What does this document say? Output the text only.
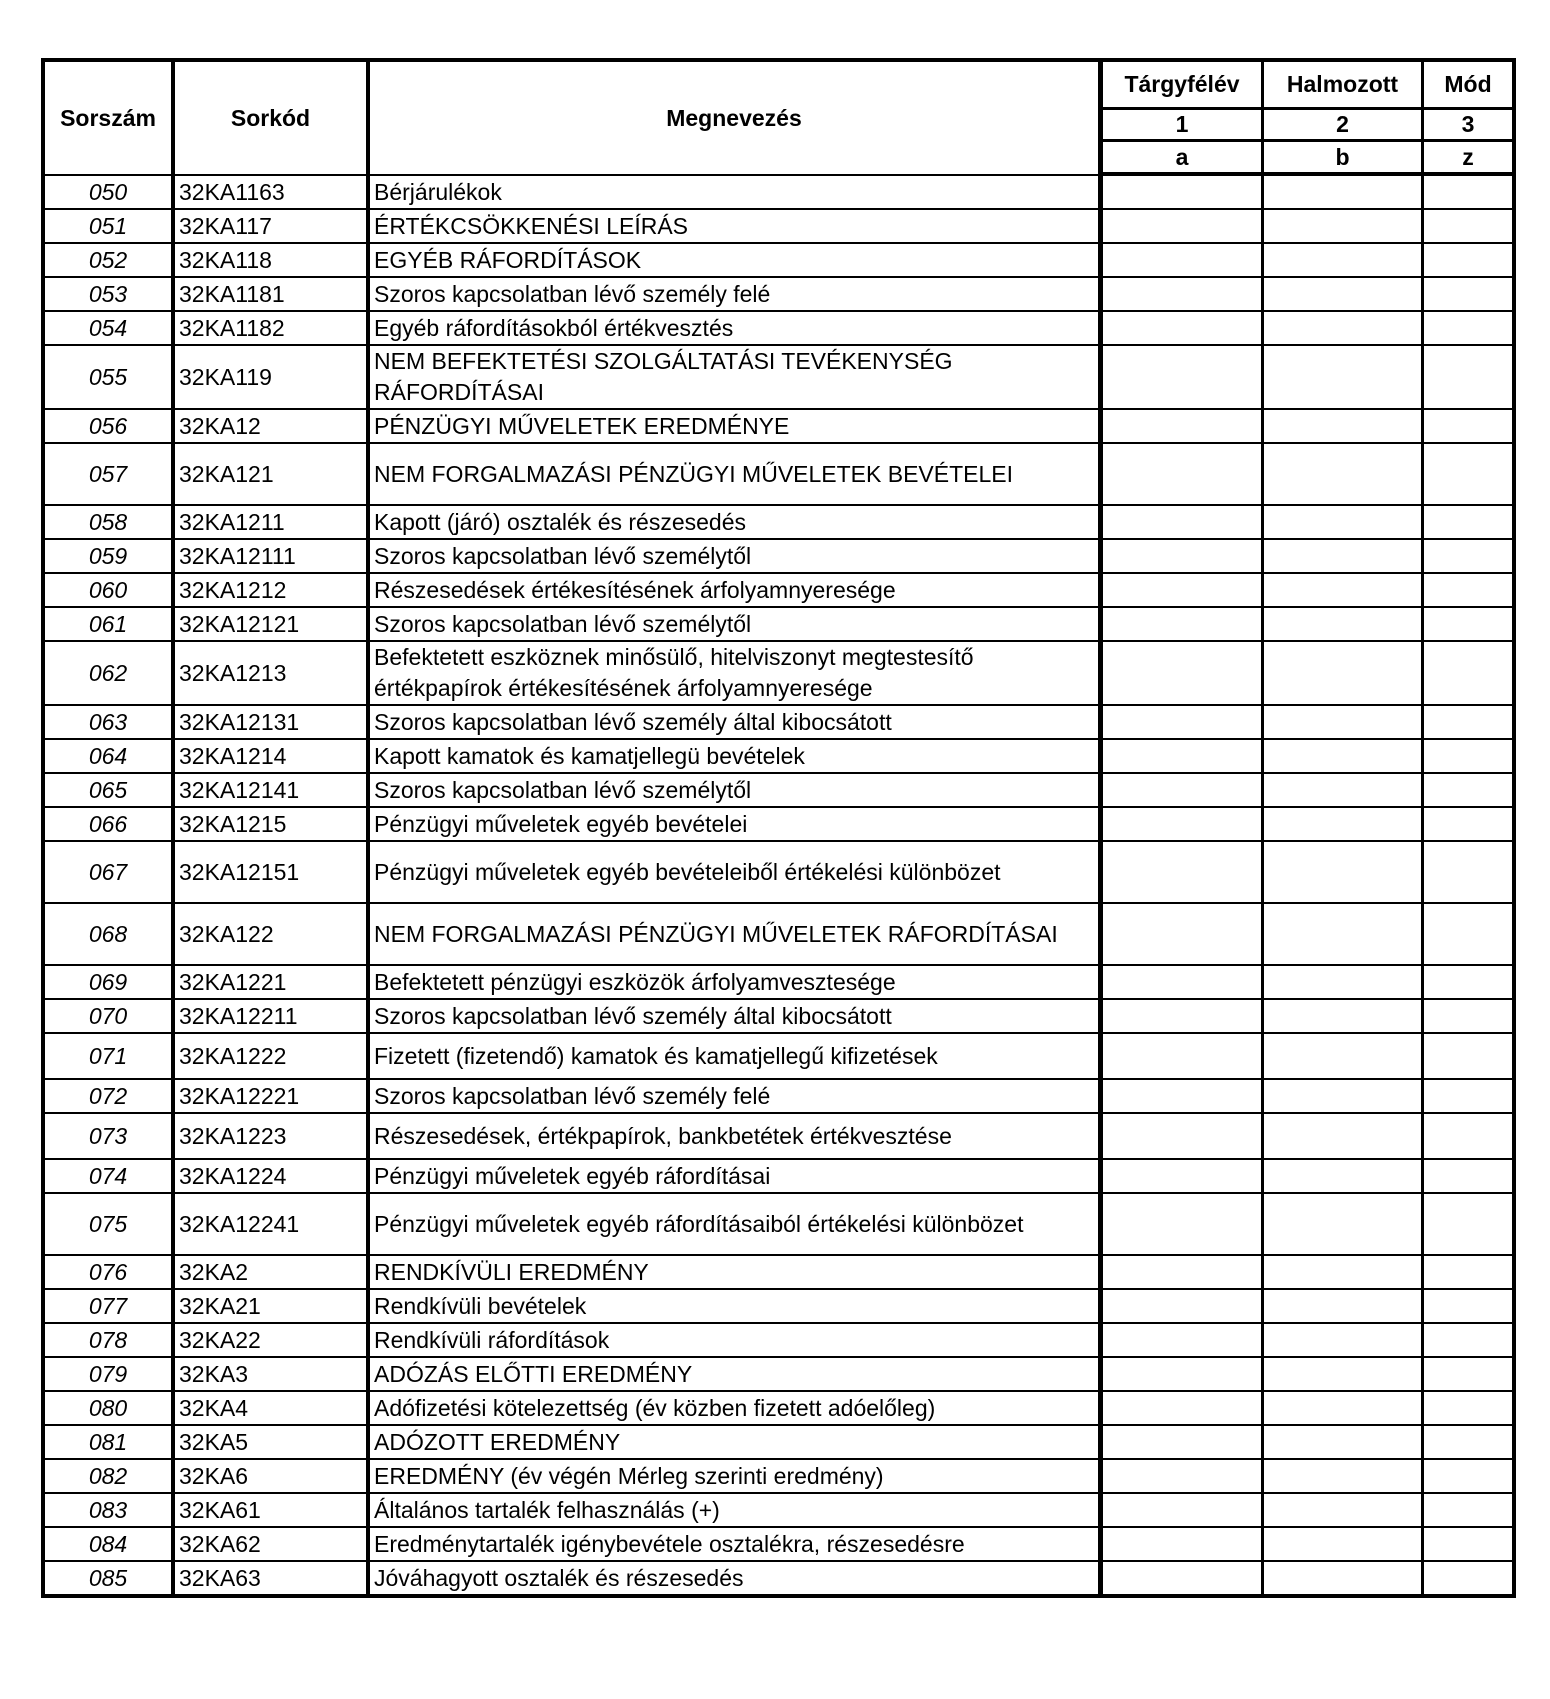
Sorszám	Sorkód	Megnevezés	Tárgyfélév	Halmozott	Mód
			1	2	3
			a	b	z
050	32KA1163	Bérjárulékok			
051	32KA117	ÉRTÉKCSÖKKENÉSI LEÍRÁS			
052	32KA118	EGYÉB RÁFORDÍTÁSOK			
053	32KA1181	Szoros kapcsolatban lévő személy felé			
054	32KA1182	Egyéb ráfordításokból értékvesztés			
055	32KA119	NEM BEFEKTETÉSI SZOLGÁLTATÁSI TEVÉKENYSÉG RÁFORDÍTÁSAI			
056	32KA12	PÉNZÜGYI MŰVELETEK EREDMÉNYE			
057	32KA121	NEM FORGALMAZÁSI PÉNZÜGYI MŰVELETEK BEVÉTELEI			
058	32KA1211	Kapott (járó) osztalék és részesedés			
059	32KA12111	Szoros kapcsolatban lévő személytől			
060	32KA1212	Részesedések értékesítésének árfolyamnyeresége			
061	32KA12121	Szoros kapcsolatban lévő személytől			
062	32KA1213	Befektetett eszköznek minősülő, hitelviszonyt megtestesítő értékpapírok értékesítésének árfolyamnyeresége			
063	32KA12131	Szoros kapcsolatban lévő személy által kibocsátott			
064	32KA1214	Kapott kamatok és kamatjellegü bevételek			
065	32KA12141	Szoros kapcsolatban lévő személytől			
066	32KA1215	Pénzügyi műveletek egyéb bevételei			
067	32KA12151	Pénzügyi műveletek egyéb bevételeiből értékelési különbözet			
068	32KA122	NEM FORGALMAZÁSI PÉNZÜGYI MŰVELETEK RÁFORDÍTÁSAI			
069	32KA1221	Befektetett pénzügyi eszközök árfolyamvesztesége			
070	32KA12211	Szoros kapcsolatban lévő személy által kibocsátott			
071	32KA1222	Fizetett (fizetendő) kamatok és kamatjellegű kifizetések			
072	32KA12221	Szoros kapcsolatban lévő személy felé			
073	32KA1223	Részesedések, értékpapírok, bankbetétek értékvesztése			
074	32KA1224	Pénzügyi műveletek egyéb ráfordításai			
075	32KA12241	Pénzügyi műveletek egyéb ráfordításaiból értékelési különbözet			
076	32KA2	RENDKÍVÜLI EREDMÉNY			
077	32KA21	Rendkívüli bevételek			
078	32KA22	Rendkívüli ráfordítások			
079	32KA3	ADÓZÁS ELŐTTI EREDMÉNY			
080	32KA4	Adófizetési kötelezettség (év közben fizetett adóelőleg)			
081	32KA5	ADÓZOTT EREDMÉNY			
082	32KA6	EREDMÉNY (év végén Mérleg szerinti eredmény)			
083	32KA61	Általános tartalék felhasználás (+)			
084	32KA62	Eredménytartalék igénybevétele osztalékra, részesedésre			
085	32KA63	Jóváhagyott osztalék és részesedés			
